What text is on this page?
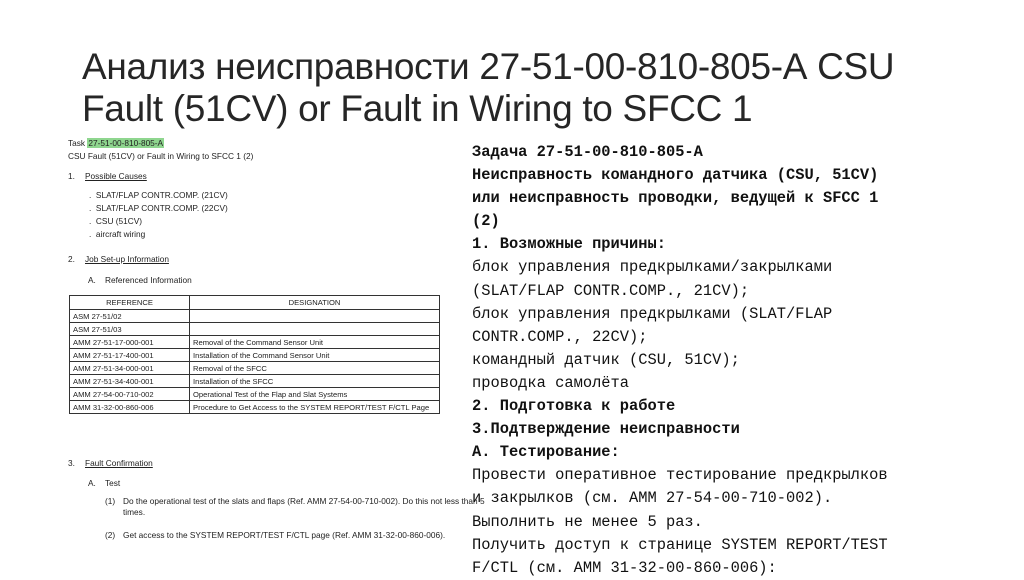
Анализ неисправности 27-51-00-810-805-А CSU
Fault (51CV) or Fault in Wiring to SFCC 1
Task 27-51-00-810-805-A
CSU Fault (51CV) or Fault in Wiring to SFCC 1 (2)
1. Possible Causes
.  SLAT/FLAP CONTR.COMP. (21CV)
.  SLAT/FLAP CONTR.COMP. (22CV)
.  CSU (51CV)
.  aircraft wiring
2. Job Set-up Information
A. Referenced Information
REFERENCE	DESIGNATION
ASM 27-51/02	
ASM 27-51/03	
AMM 27-51-17-000-001	Removal of the Command Sensor Unit
AMM 27-51-17-400-001	Installation of the Command Sensor Unit
AMM 27-51-34-000-001	Removal of the SFCC
AMM 27-51-34-400-001	Installation of the SFCC
AMM 27-54-00-710-002	Operational Test of the Flap and Slat Systems
AMM 31-32-00-860-006	Procedure to Get Access to the SYSTEM REPORT/TEST F/CTL Page
3. Fault Confirmation
A. Test
(1) Do the operational test of the slats and flaps (Ref. AMM 27-54-00-710-002). Do this not less than 5
times.
(2) Get access to the SYSTEM REPORT/TEST F/CTL page (Ref. AMM 31-32-00-860-006).
Задача 27-51-00-810-805-A
Неисправность командного датчика (CSU, 51CV)
или неисправность проводки, ведущей к SFCC 1
(2)
1. Возможные причины:
блок управления предкрылками/закрылками
(SLAT/FLAP CONTR.COMP., 21CV);
блок управления предкрылками (SLAT/FLAP
CONTR.COMP., 22CV);
командный датчик (CSU, 51CV);
проводка самолёта
2. Подготовка к работе
3.Подтверждение неисправности
А. Тестирование:
Провести оперативное тестирование предкрылков
и закрылков (см. AMM 27-54-00-710-002).
Выполнить не менее 5 раз.
Получить доступ к странице SYSTEM REPORT/TEST
F/CTL (см. AMM 31-32-00-860-006):
